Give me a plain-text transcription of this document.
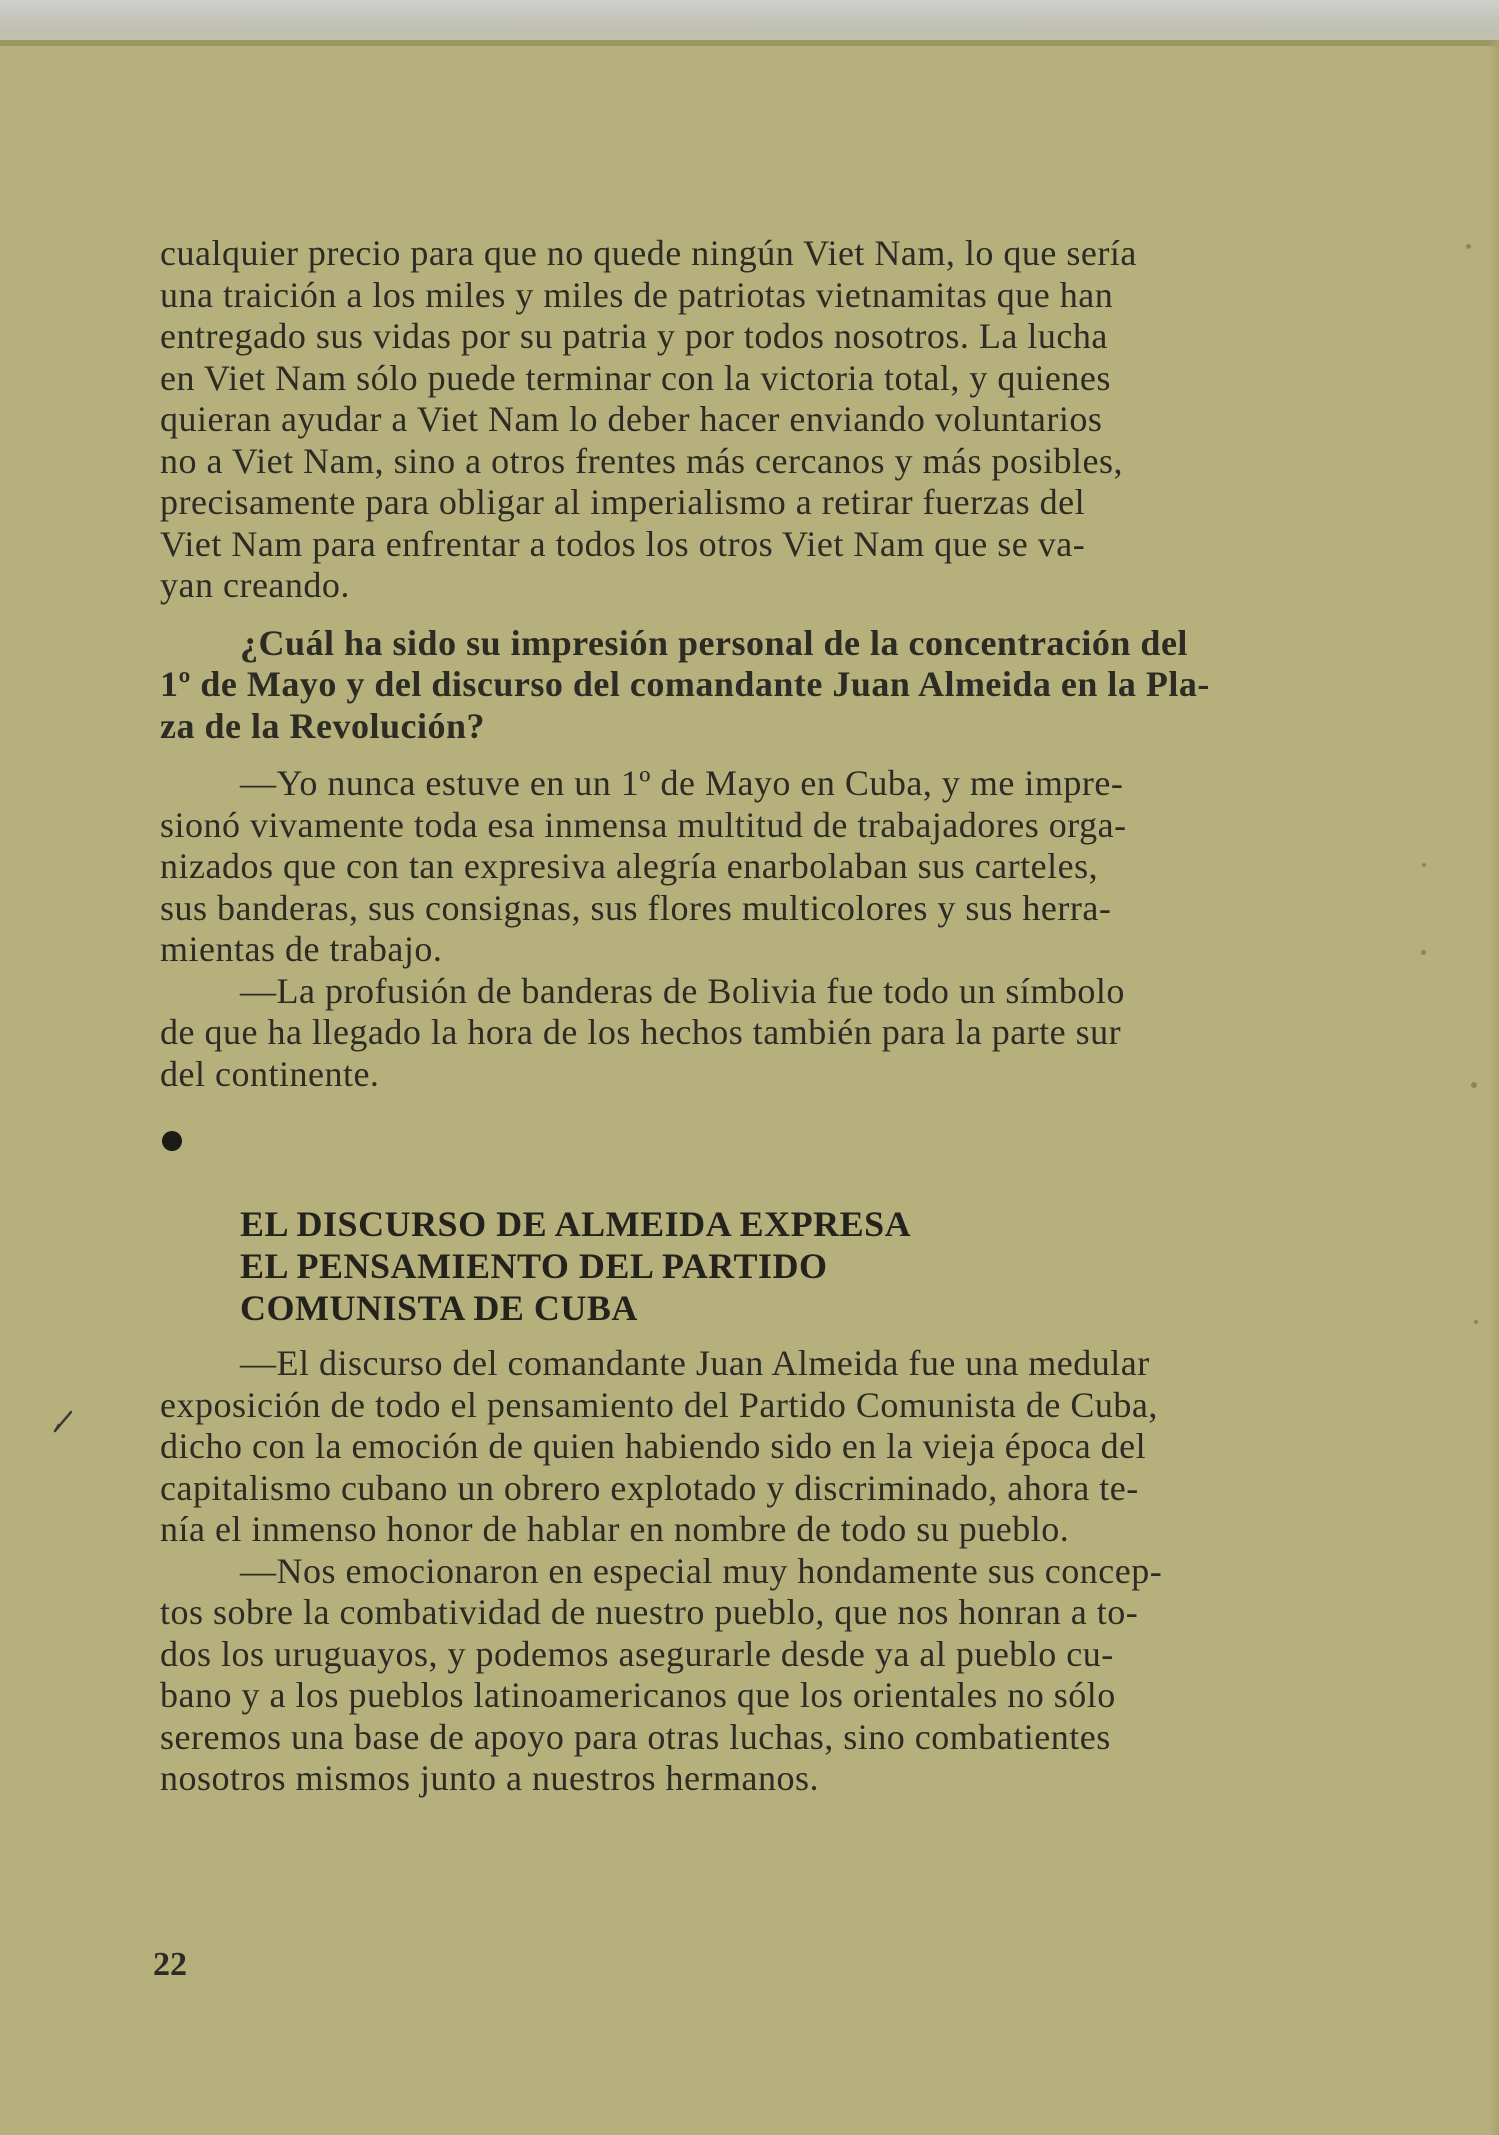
cualquier precio para que no quede ningún Viet Nam, lo que sería
una traición a los miles y miles de patriotas vietnamitas que han
entregado sus vidas por su patria y por todos nosotros. La lucha
en Viet Nam sólo puede terminar con la victoria total, y quienes
quieran ayudar a Viet Nam lo deber hacer enviando voluntarios
no a Viet Nam, sino a otros frentes más cercanos y más posibles,
precisamente para obligar al imperialismo a retirar fuerzas del
Viet Nam para enfrentar a todos los otros Viet Nam que se va-
yan creando.

¿Cuál ha sido su impresión personal de la concentración del
1º de Mayo y del discurso del comandante Juan Almeida en la Pla-
za de la Revolución?

—Yo nunca estuve en un 1º de Mayo en Cuba, y me impre-
sionó vivamente toda esa inmensa multitud de trabajadores orga-
nizados que con tan expresiva alegría enarbolaban sus carteles,
sus banderas, sus consignas, sus flores multicolores y sus herra-
mientas de trabajo.

—La profusión de banderas de Bolivia fue todo un símbolo
de que ha llegado la hora de los hechos también para la parte sur
del continente.

EL DISCURSO DE ALMEIDA EXPRESA
EL PENSAMIENTO DEL PARTIDO
COMUNISTA DE CUBA

—El discurso del comandante Juan Almeida fue una medular
exposición de todo el pensamiento del Partido Comunista de Cuba,
dicho con la emoción de quien habiendo sido en la vieja época del
capitalismo cubano un obrero explotado y discriminado, ahora te-
nía el inmenso honor de hablar en nombre de todo su pueblo.

—Nos emocionaron en especial muy hondamente sus concep-
tos sobre la combatividad de nuestro pueblo, que nos honran a to-
dos los uruguayos, y podemos asegurarle desde ya al pueblo cu-
bano y a los pueblos latinoamericanos que los orientales no sólo
seremos una base de apoyo para otras luchas, sino combatientes
nosotros mismos junto a nuestros hermanos.

22
